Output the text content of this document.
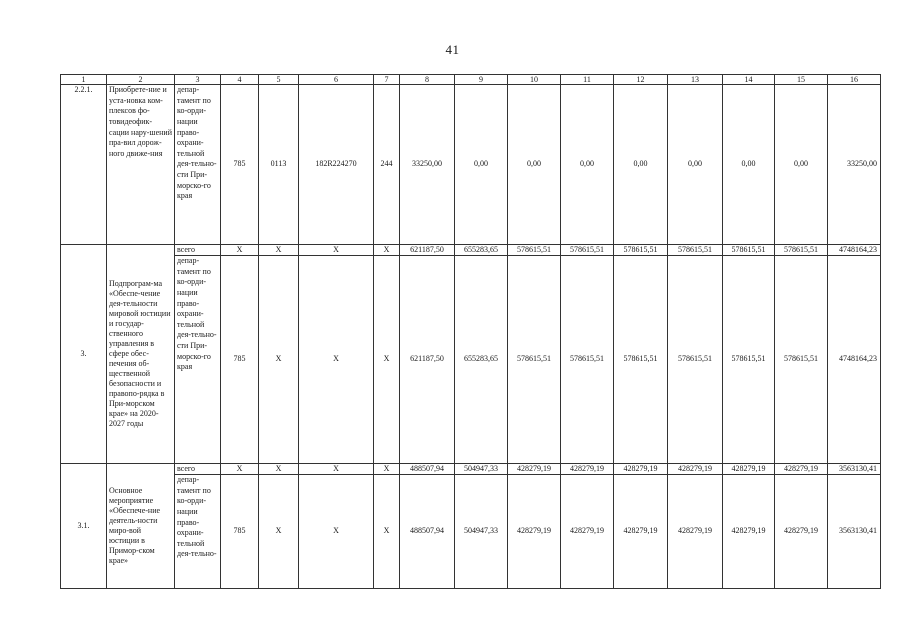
41
1	2	3	4	5	6	7	8	9	10	11	12	13	14	15	16
2.2.1.	Приобрете-ние и уста-новка ком-плексов фо-товидеофик-сации нару-шений пра-вил дорож-ного движе-ния	депар-тамент по ко-орди-нации право-охрани-тельной дея-тельно-сти При-морско-го края	785	0113	182R224270	244	33250,00	0,00	0,00	0,00	0,00	0,00	0,00	0,00	33250,00
3.	Подпрограм-ма «Обеспе-чение дея-тельности мировой юстиции и государ-ственного управления в сфере обес-печения об-щественной безопасности и правопо-рядка в При-морском крае» на 2020-2027 годы	всего	X	X	X	X	621187,50	655283,65	578615,51	578615,51	578615,51	578615,51	578615,51	578615,51	4748164,23
		депар-тамент по ко-орди-нации право-охрани-тельной дея-тельно-сти При-морско-го края	785	X	X	X	621187,50	655283,65	578615,51	578615,51	578615,51	578615,51	578615,51	578615,51	4748164,23
3.1.	Основное мероприятие «Обеспече-ние деятель-ности миро-вой юстиции в Примор-ском крае»	всего	X	X	X	X	488507,94	504947,33	428279,19	428279,19	428279,19	428279,19	428279,19	428279,19	3563130,41
		депар-тамент по ко-орди-нации право-охрани-тельной дея-тельно-	785	X	X	X	488507,94	504947,33	428279,19	428279,19	428279,19	428279,19	428279,19	428279,19	3563130,41
